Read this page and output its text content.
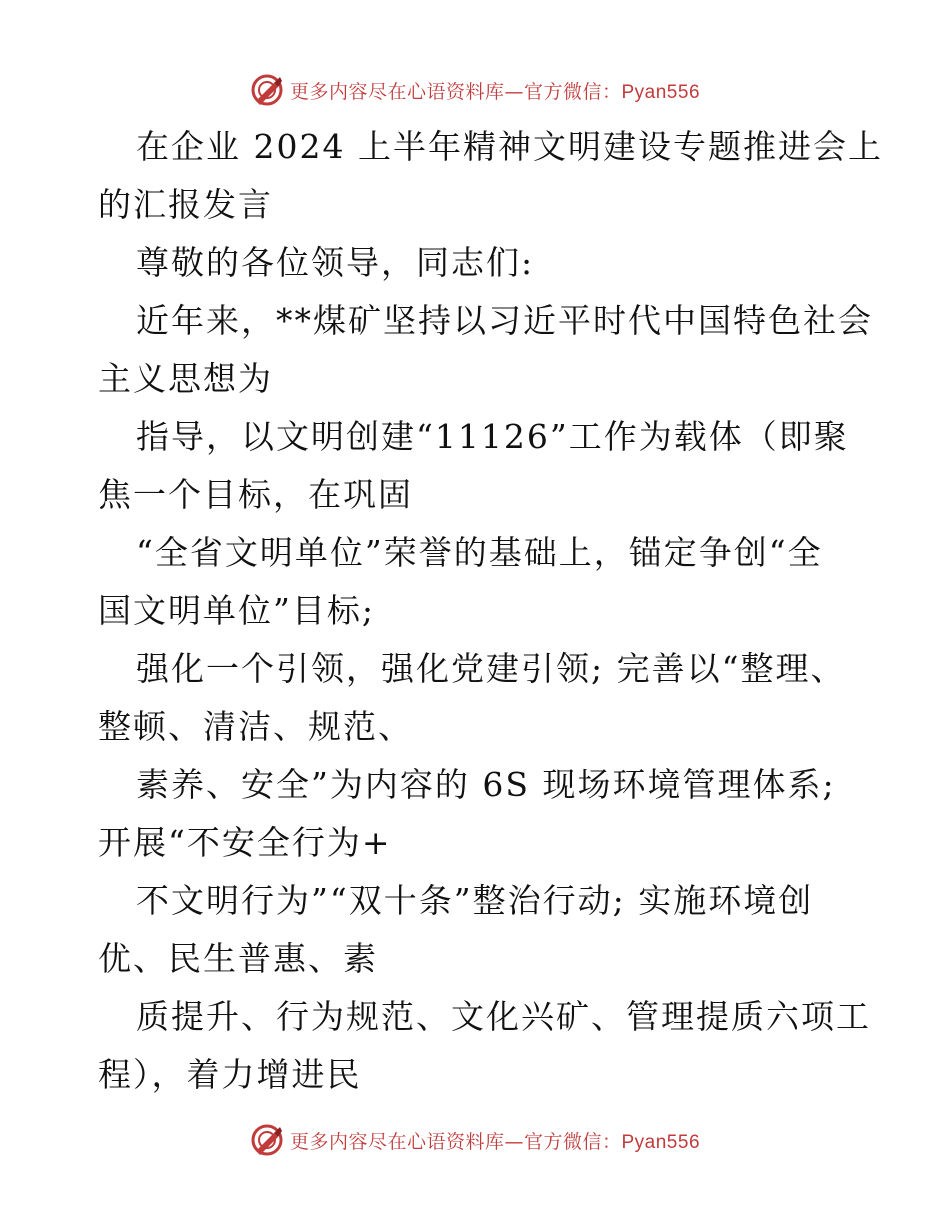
更多内容尽在心语资料库—官方微信：Pyan556

在企业 2024 上半年精神文明建设专题推进会上

的汇报发言

尊敬的各位领导，同志们:

近年来，**煤矿坚持以习近平时代中国特色社会

主义思想为

指导，以文明创建“11126”工作为载体（即聚

焦一个目标，在巩固

“全省文明单位”荣誉的基础上，锚定争创“全

国文明单位”目标;

强化一个引领，强化党建引领; 完善以“整理、

整顿、清洁、规范、

素养、安全”为内容的 6S 现场环境管理体系;

开展“不安全行为+

不文明行为”“双十条”整治行动; 实施环境创

优、民生普惠、素

质提升、行为规范、文化兴矿、管理提质六项工

程），着力增进民

更多内容尽在心语资料库—官方微信：Pyan556
